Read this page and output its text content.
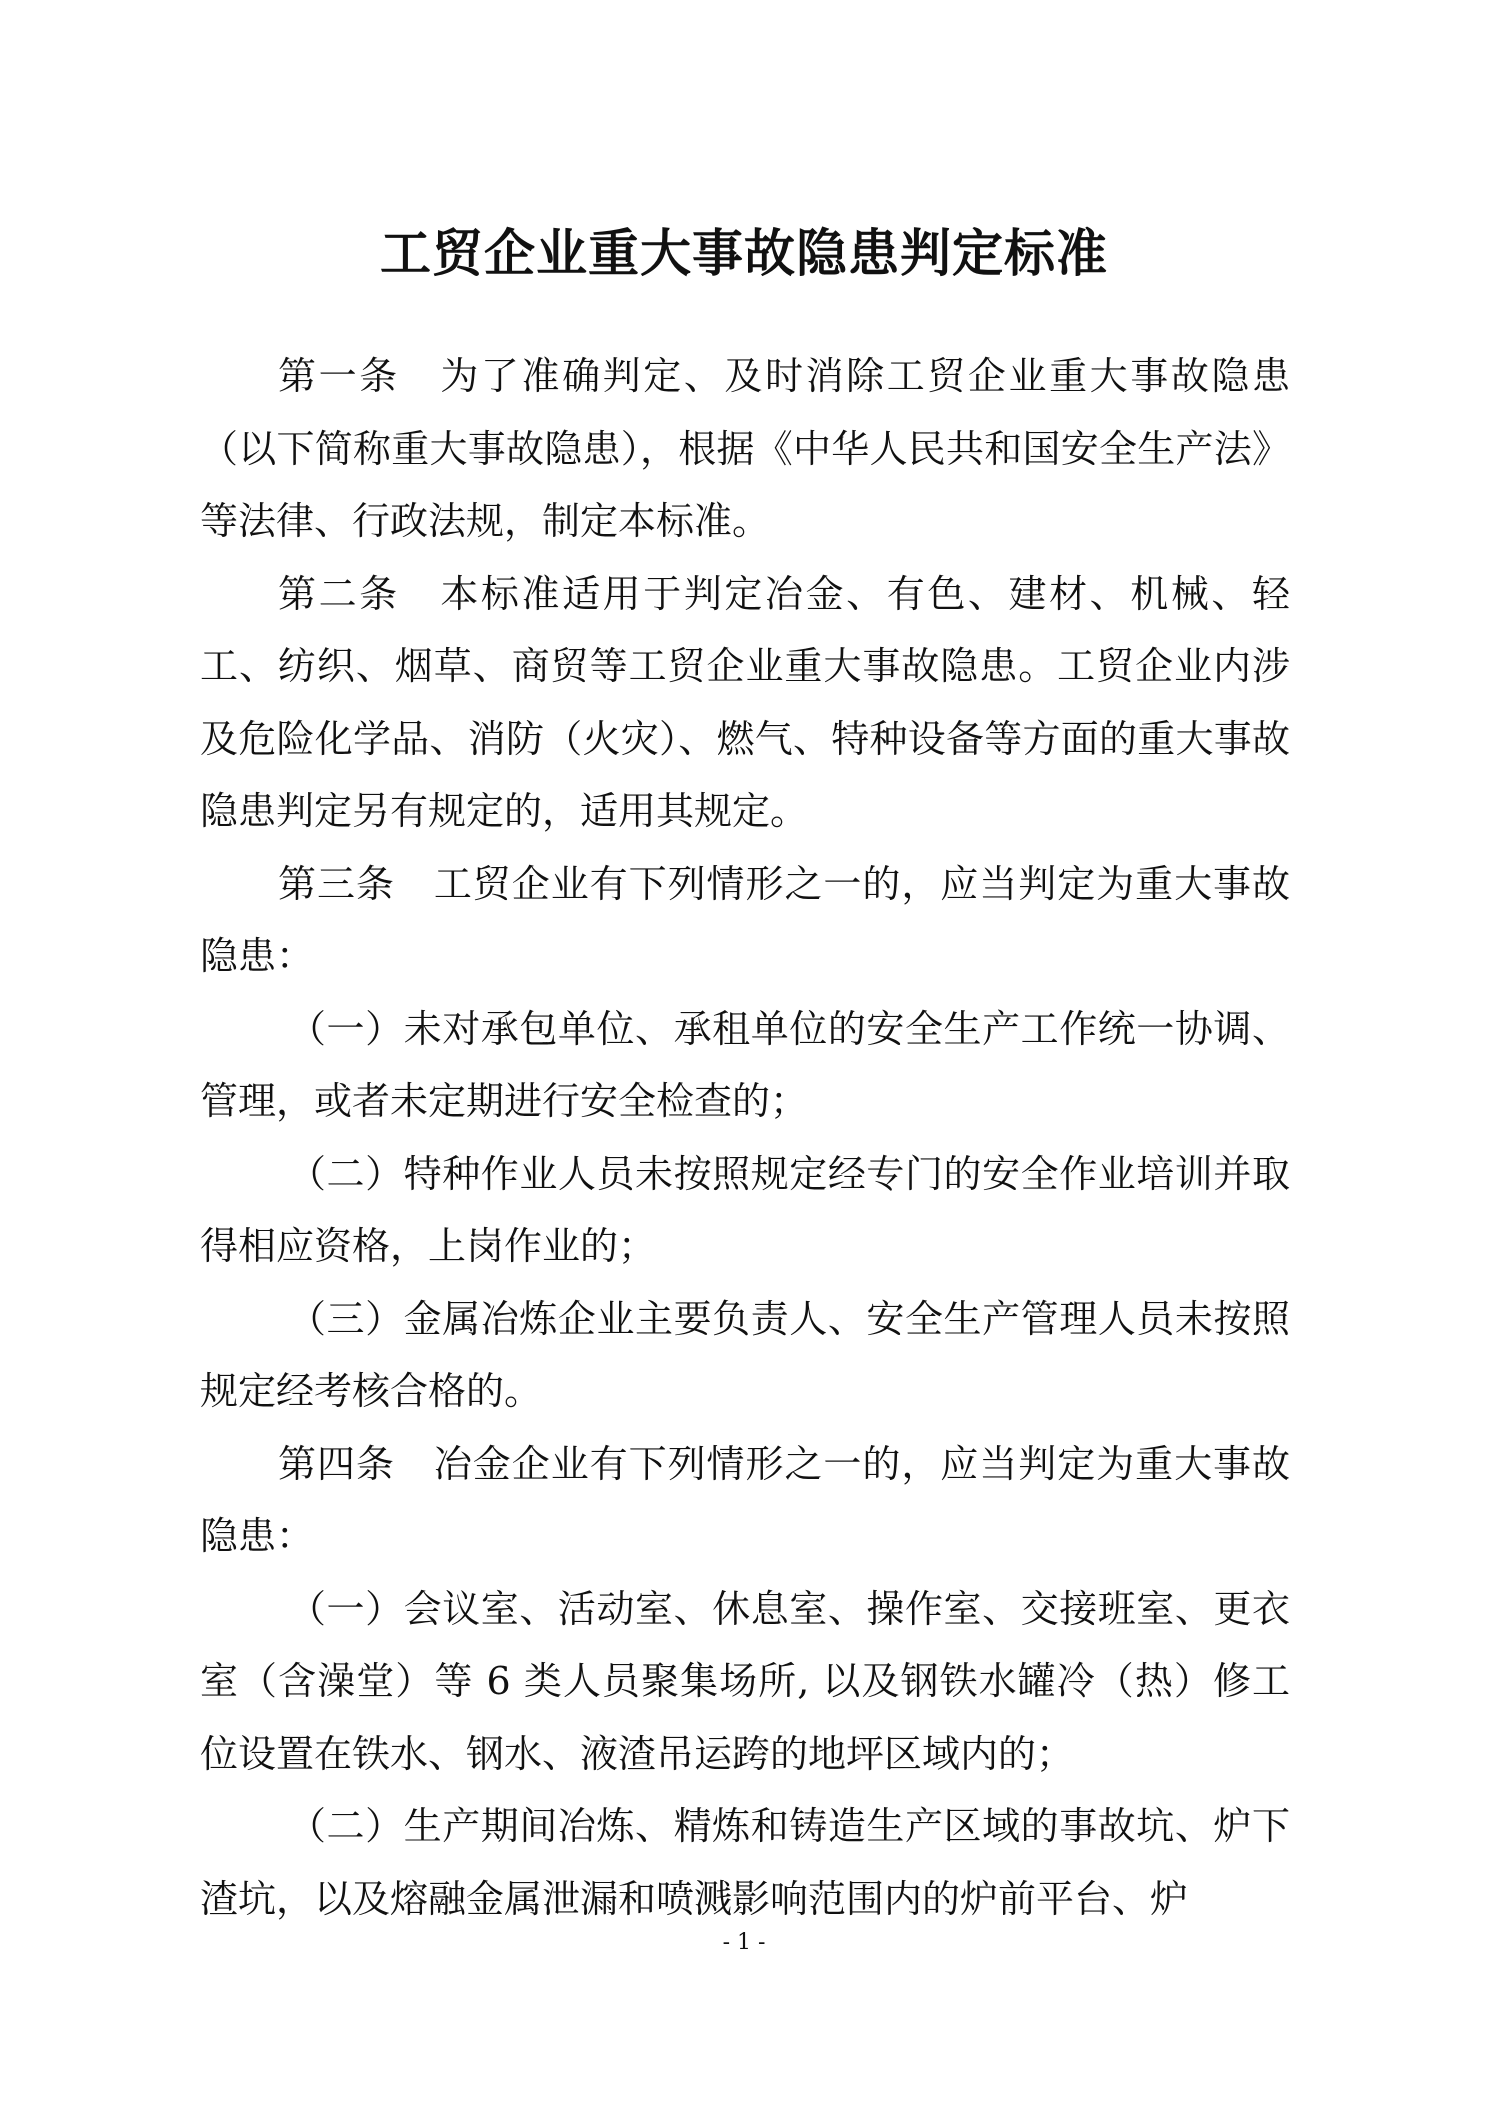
工贸企业重大事故隐患判定标准

第一条　为了准确判定、及时消除工贸企业重大事故隐患（以下简称重大事故隐患），根据《中华人民共和国安全生产法》等法律、行政法规，制定本标准。

第二条　本标准适用于判定冶金、有色、建材、机械、轻工、纺织、烟草、商贸等工贸企业重大事故隐患。工贸企业内涉及危险化学品、消防（火灾）、燃气、特种设备等方面的重大事故隐患判定另有规定的，适用其规定。

第三条　工贸企业有下列情形之一的，应当判定为重大事故隐患：

（一）未对承包单位、承租单位的安全生产工作统一协调、管理，或者未定期进行安全检查的；

（二）特种作业人员未按照规定经专门的安全作业培训并取得相应资格，上岗作业的；

（三）金属冶炼企业主要负责人、安全生产管理人员未按照规定经考核合格的。

第四条　冶金企业有下列情形之一的，应当判定为重大事故隐患：

（一）会议室、活动室、休息室、操作室、交接班室、更衣室（含澡堂）等 6 类人员聚集场所, 以及钢铁水罐冷（热）修工位设置在铁水、钢水、液渣吊运跨的地坪区域内的；

（二）生产期间冶炼、精炼和铸造生产区域的事故坑、炉下渣坑，以及熔融金属泄漏和喷溅影响范围内的炉前平台、炉

- 1 -
